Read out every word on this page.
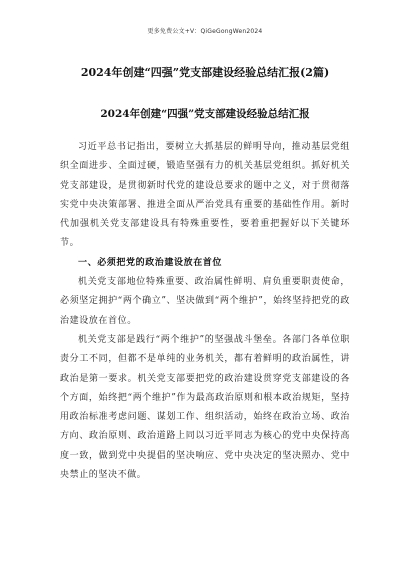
更多免费公文+V：QiGeGongWen2024
2024年创建“四强”党支部建设经验总结汇报(2篇)
2024年创建“四强”党支部建设经验总结汇报

习近平总书记指出，要树立大抓基层的鲜明导向，推动基层党组织全面进步、全面过硬，锻造坚强有力的机关基层党组织。抓好机关党支部建设，是贯彻新时代党的建设总要求的题中之义，对于贯彻落实党中央决策部署、推进全面从严治党具有重要的基础性作用。新时代加强机关党支部建设具有特殊重要性，要着重把握好以下关键环节。

一、必须把党的政治建设放在首位

机关党支部地位特殊重要、政治属性鲜明、肩负重要职责使命，必须坚定拥护“两个确立”、坚决做到“两个维护”，始终坚持把党的政治建设放在首位。

机关党支部是践行“两个维护”的坚强战斗堡垒。各部门各单位职责分工不同，但都不是单纯的业务机关，都有着鲜明的政治属性，讲政治是第一要求。机关党支部要把党的政治建设贯穿党支部建设的各个方面，始终把“两个维护”作为最高政治原则和根本政治规矩，坚持用政治标准考虑问题、谋划工作、组织活动，始终在政治立场、政治方向、政治原则、政治道路上同以习近平同志为核心的党中央保持高度一致，做到党中央提倡的坚决响应、党中央决定的坚决照办、党中央禁止的坚决不做。
